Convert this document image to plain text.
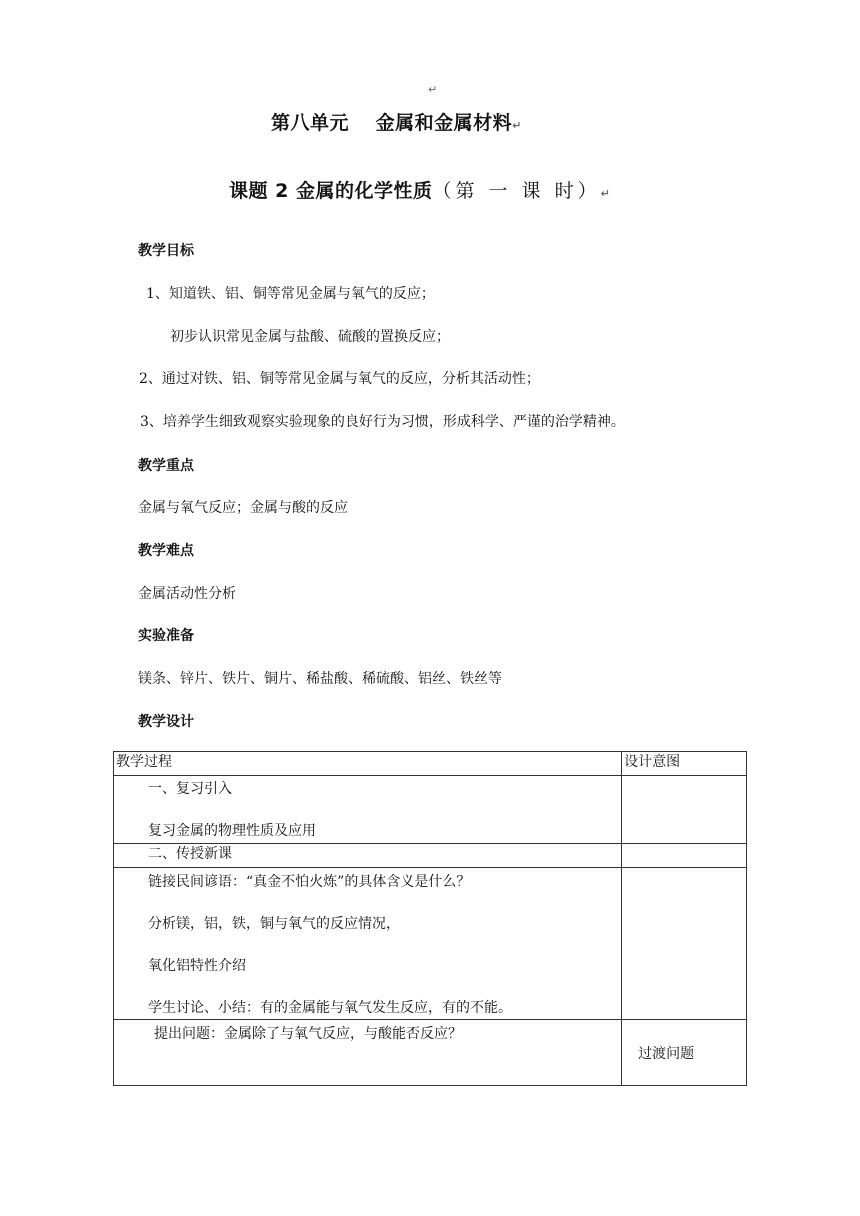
↵
第八单元　 金属和金属材料↵
课题 2 金属的化学性质（第 一 课 时）↵
教学目标
1、知道铁、铝、铜等常见金属与氧气的反应；
初步认识常见金属与盐酸、硫酸的置换反应；
2、通过对铁、铝、铜等常见金属与氧气的反应，分析其活动性；
3、培养学生细致观察实验现象的良好行为习惯，形成科学、严谨的治学精神。
教学重点
金属与氧气反应；金属与酸的反应
教学难点
金属活动性分析
实验准备
镁条、锌片、铁片、铜片、稀盐酸、稀硫酸、铝丝、铁丝等
教学设计
教学过程	设计意图

一、复习引入
复习金属的物理性质及应用	

二、传授新课	

链接民间谚语：“真金不怕火炼”的具体含义是什么？
分析镁，铝，铁，铜与氧气的反应情况，
氧化铝特性介绍
学生讨论、小结：有的金属能与氧气发生反应，有的不能。	

提出问题：金属除了与氧气反应，与酸能否反应？	过渡问题
